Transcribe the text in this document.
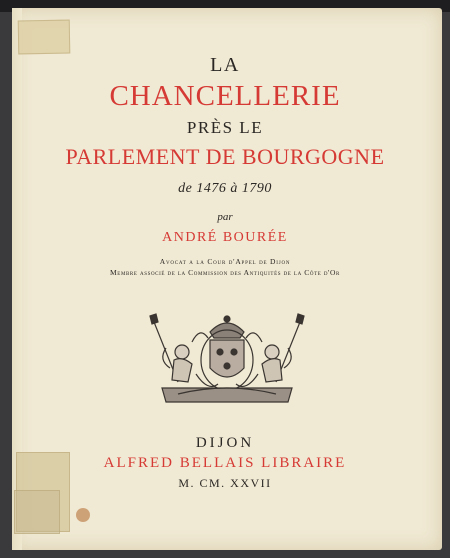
LA
CHANCELLERIE
PRÈS LE
PARLEMENT DE BOURGOGNE
de 1476 à 1790
par
ANDRÉ BOURÉE
Avocat a la Cour d'Appel de Dijon
Membre associé de la Commission des Antiquités de la Côte d'Or
DIJON
ALFRED BELLAIS LIBRAIRE
M. CM. XXVII
